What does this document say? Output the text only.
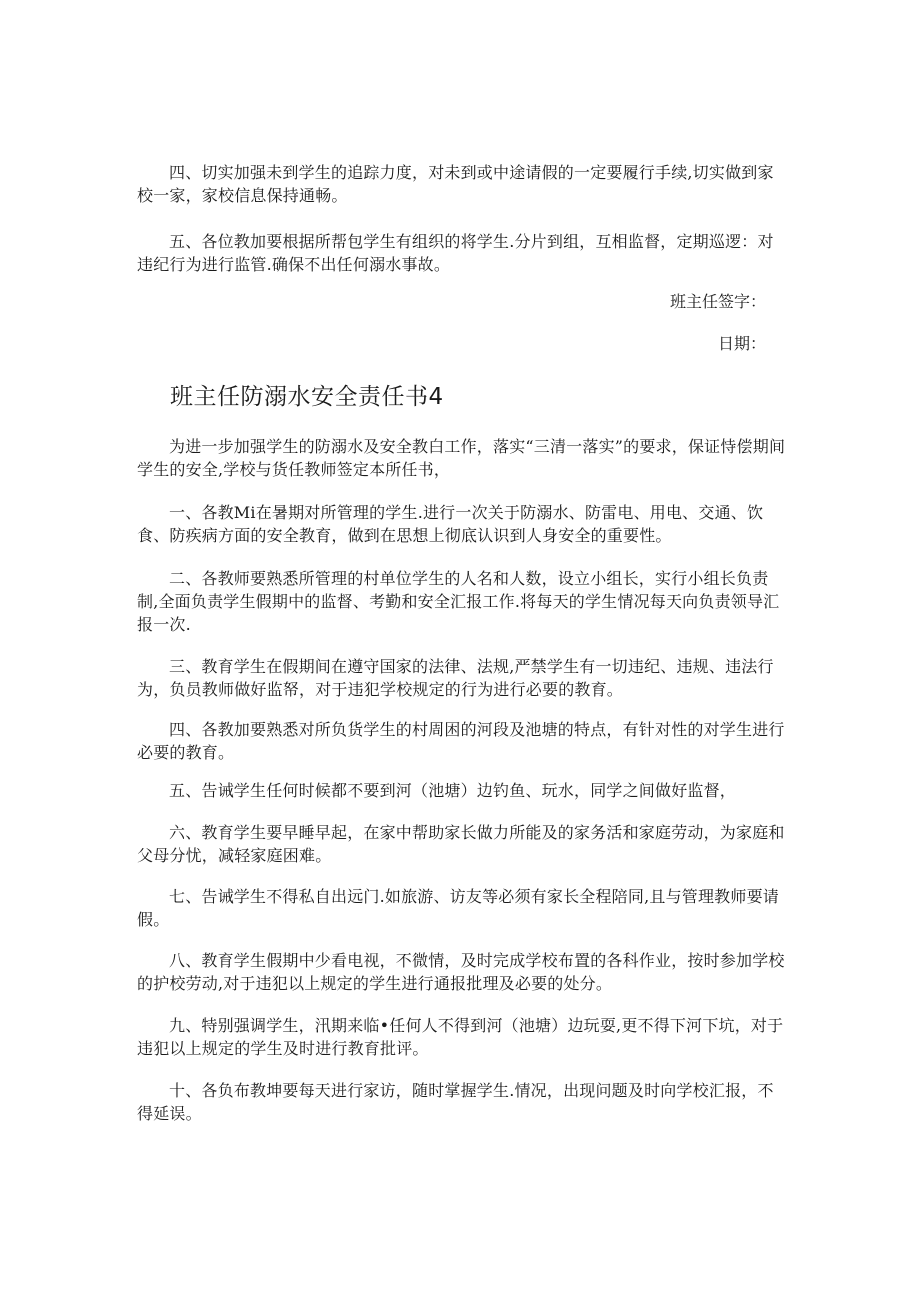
四、切实加强未到学生的追踪力度，对未到或中途请假的一定要履行手续,切实做到家校一家，家校信息保持通畅。

五、各位教加要根据所帮包学生有组织的将学生.分片到组，互相监督，定期巡逻：对违纪行为进行监管.确保不出任何溺水事故。

班主任签字：

日期：

班主任防溺水安全责任书4

为进一步加强学生的防溺水及安全教白工作，落实“三清一落实”的要求，保证恃偿期间学生的安全,学校与货任教师签定本所任书，

一、各教Mi在暑期对所管理的学生.进行一次关于防溺水、防雷电、用电、交通、饮食、防疾病方面的安全教育，做到在思想上彻底认识到人身安全的重要性。

二、各教师要熟悉所管理的村单位学生的人名和人数，设立小组长，实行小组长负责制,全面负责学生假期中的监督、考勤和安全汇报工作.将每天的学生情况每天向负责领导汇报一次.

三、教育学生在假期间在遵守国家的法律、法规,严禁学生有一切违纪、违规、违法行为，负员教师做好监帑，对于违犯学校规定的行为进行必要的教育。

四、各教加要熟悉对所负货学生的村周困的河段及池塘的特点，有针对性的对学生进行必要的教育。

五、告诫学生任何时候都不要到河（池塘）边钓鱼、玩水，同学之间做好监督，

六、教育学生要早睡早起，在家中帮助家长做力所能及的家务活和家庭劳动，为家庭和父母分忧，减轻家庭困难。

七、告诫学生不得私自出远门.如旅游、访友等必须有家长全程陪同,且与管理教师要请假。

八、教育学生假期中少看电视，不微情，及时完成学校布置的各科作业，按时参加学校的护校劳动,对于违犯以上规定的学生进行通报批理及必要的处分。

九、特别强调学生，汛期来临•任何人不得到河（池塘）边玩耍,更不得下河下坑，对于违犯以上规定的学生及时进行教育批评。

十、各负布教坤要每天进行家访，随时掌握学生.情况，出现问题及时向学校汇报，不得延误。
